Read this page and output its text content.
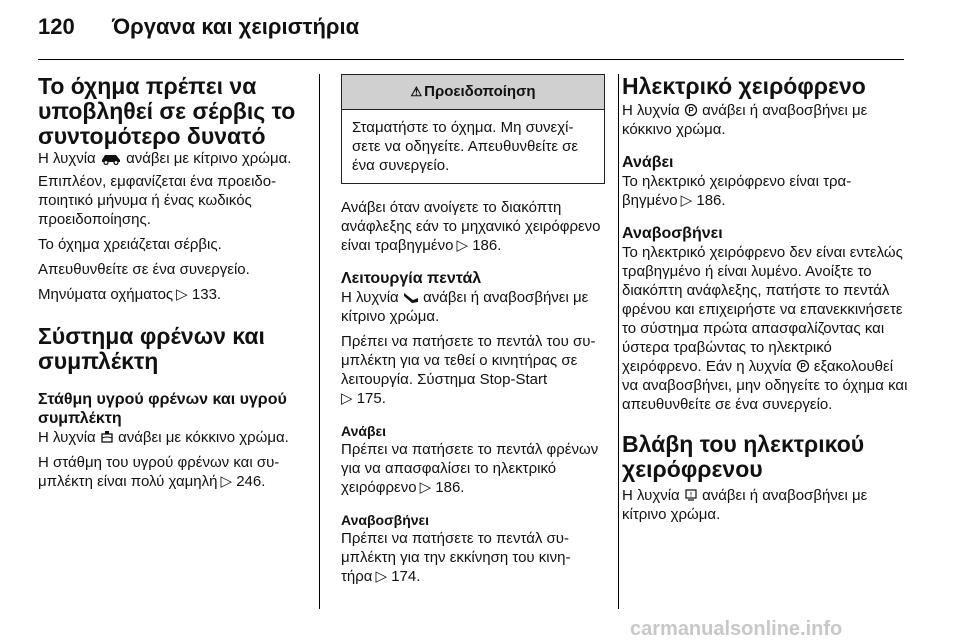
120 Όργανα και χειριστήρια
Το όχημα πρέπει να υποβληθεί σε σέρβις το συντομότερο δυνατό

Η λυχνία ανάβει με κίτρινο χρώμα.

Επιπλέον, εμφανίζεται ένα προειδοποιητικό μήνυμα ή ένας κωδικός προειδοποίησης.

Το όχημα χρειάζεται σέρβις.

Απευθυνθείτε σε ένα συνεργείο.

Μηνύματα οχήματος ▷ 133.

Σύστημα φρένων και συμπλέκτη
Στάθμη υγρού φρένων και υγρού συμπλέκτη

Η λυχνία ανάβει με κόκκινο χρώμα.

Η στάθμη του υγρού φρένων και συμπλέκτη είναι πολύ χαμηλή ▷ 246.

⚠ Προειδοποίηση

Σταματήστε το όχημα. Μη συνεχίσετε να οδηγείτε. Απευθυνθείτε σε ένα συνεργείο.

Ανάβει όταν ανοίγετε το διακόπτη ανάφλεξης εάν το μηχανικό χειρόφρενο είναι τραβηγμένο ▷ 186.

Λειτουργία πεντάλ

Η λυχνία ανάβει ή αναβοσβήνει με κίτρινο χρώμα.

Πρέπει να πατήσετε το πεντάλ του συμπλέκτη για να τεθεί ο κινητήρας σε λειτουργία. Σύστημα Stop-Start
▷ 175.

Ανάβει

Πρέπει να πατήσετε το πεντάλ φρένων για να απασφαλίσει το ηλεκτρικό χειρόφρενο ▷ 186.

Αναβοσβήνει

Πρέπει να πατήσετε το πεντάλ συμπλέκτη για την εκκίνηση του κινητήρα ▷ 174.

Ηλεκτρικό χειρόφρενο

Η λυχνία P ανάβει ή αναβοσβήνει με κόκκινο χρώμα.

Ανάβει

Το ηλεκτρικό χειρόφρενο είναι τραβηγμένο ▷ 186.

Αναβοσβήνει

Το ηλεκτρικό χειρόφρενο δεν είναι εντελώς τραβηγμένο ή είναι λυμένο. Ανοίξτε το διακόπτη ανάφλεξης, πατήστε το πεντάλ φρένου και επιχειρήστε να επανεκκινήσετε το σύστημα πρώτα απασφαλίζοντας και ύστερα τραβώντας το ηλεκτρικό χειρόφρενο. Εάν η λυχνία P εξακολουθεί να αναβοσβήνει, μην οδηγείτε το όχημα και απευθυνθείτε σε ένα συνεργείο.

Βλάβη του ηλεκτρικού χειρόφρενου

Η λυχνία ! ανάβει ή αναβοσβήνει με κίτρινο χρώμα.

carmanualsonline.info
